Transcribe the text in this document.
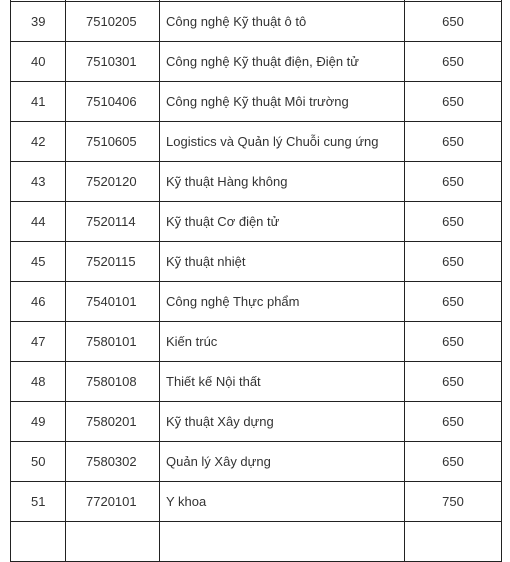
39	7510205	Công nghệ Kỹ thuật ô tô	650
40	7510301	Công nghệ Kỹ thuật điện, Điện tử	650
41	7510406	Công nghệ Kỹ thuật Môi trường	650
42	7510605	Logistics và Quản lý Chuỗi cung ứng	650
43	7520120	Kỹ thuật Hàng không	650
44	7520114	Kỹ thuật Cơ điện tử	650
45	7520115	Kỹ thuật nhiệt	650
46	7540101	Công nghệ Thực phẩm	650
47	7580101	Kiến trúc	650
48	7580108	Thiết kế Nội thất	650
49	7580201	Kỹ thuật Xây dựng	650
50	7580302	Quản lý Xây dựng	650
51	7720101	Y khoa	750
